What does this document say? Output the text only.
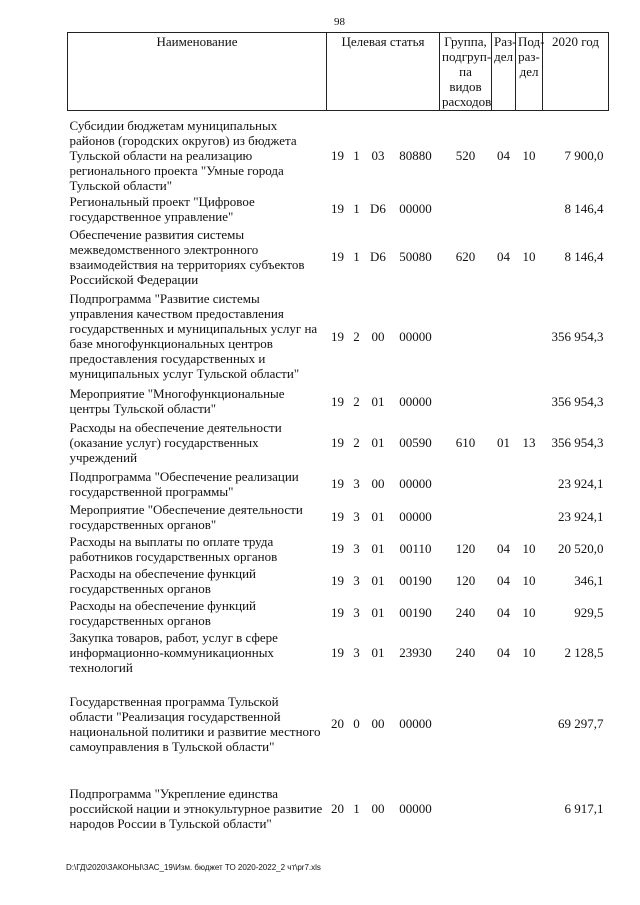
98
Наименование	Целевая статья				Группа, подгруп-па видов расходов	Раз-дел	Под-раз-дел	2020 год

Субсидии бюджетам муниципальных районов (городских округов) из бюджета Тульской области на реализацию регионального проекта "Умные города Тульской области"	19	1	03	80880	520	04	10	7 900,0
Региональный проект "Цифровое государственное управление"	19	1	D6	00000				8 146,4
Обеспечение развития системы межведомственного электронного взаимодействия на территориях субъектов Российской Федерации	19	1	D6	50080	620	04	10	8 146,4
Подпрограмма "Развитие системы управления качеством предоставления государственных и муниципальных услуг на базе многофункциональных центров предоставления государственных и муниципальных услуг Тульской области"	19	2	00	00000				356 954,3
Мероприятие "Многофункциональные центры Тульской области"	19	2	01	00000				356 954,3
Расходы на обеспечение деятельности (оказание услуг) государственных учреждений	19	2	01	00590	610	01	13	356 954,3
Подпрограмма "Обеспечение реализации государственной программы"	19	3	00	00000				23 924,1
Мероприятие "Обеспечение деятельности государственных органов"	19	3	01	00000				23 924,1
Расходы на выплаты по оплате труда работников государственных органов	19	3	01	00110	120	04	10	20 520,0
Расходы на обеспечение функций государственных органов	19	3	01	00190	120	04	10	346,1
Расходы на обеспечение функций государственных органов	19	3	01	00190	240	04	10	929,5
Закупка товаров, работ, услуг в сфере информационно-коммуникационных технологий	19	3	01	23930	240	04	10	2 128,5
Государственная программа Тульской области "Реализация государственной национальной политики и развитие местного самоуправления в Тульской области"	20	0	00	00000				69 297,7
Подпрограмма "Укрепление единства российской нации и этнокультурное развитие народов России в Тульской области"	20	1	00	00000				6 917,1
D:\ГД\2020\ЗАКОНЫ\ЗАС_19\Изм. бюджет ТО 2020-2022_2 чт\pr7.xls
